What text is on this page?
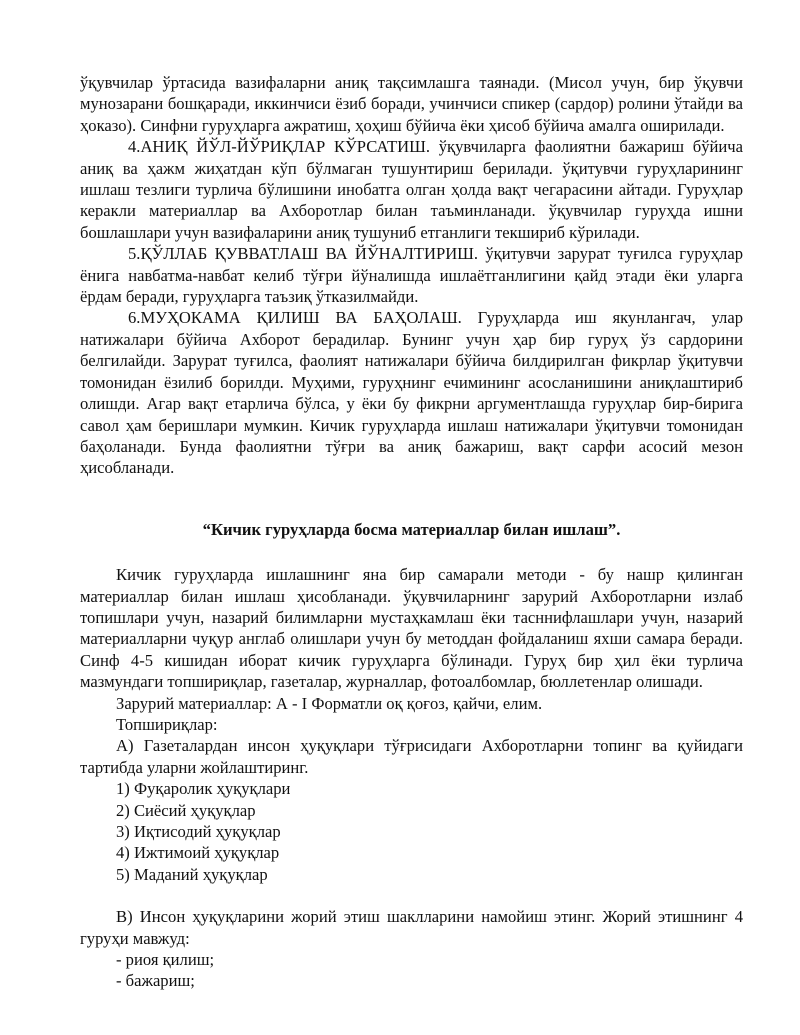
ўқувчилар ўртасида вазифаларни аниқ тақсимлашга таянади. (Мисол учун, бир ўқувчи мунозарани бошқаради, иккинчиси ёзиб боради, учинчиси спикер (сардор) ролини ўтайди ва ҳоказо). Синфни гуруҳларга ажратиш, ҳоҳиш бўйича ёки ҳисоб бўйича амалга оширилади.

4.АНИҚ ЙЎЛ-ЙЎРИҚЛАР КЎРСАТИШ. ўқувчиларга фаолиятни бажариш бўйича аниқ ва ҳажм жиҳатдан кўп бўлмаган тушунтириш берилади. ўқитувчи гуруҳларининг ишлаш тезлиги турлича бўлишини инобатга олган ҳолда вақт чегарасини айтади. Гуруҳлар керакли материаллар ва Ахборотлар билан таъминланади. ўқувчилар гуруҳда ишни бошлашлари учун вазифаларини аниқ тушуниб етганлиги текшириб кўрилади.

5.ҚЎЛЛАБ ҚУВВАТЛАШ ВА ЙЎНАЛТИРИШ. ўқитувчи зарурат туғилса гуруҳлар ёнига навбатма-навбат келиб тўғри йўналишда ишлаётганлигини қайд этади ёки уларга ёрдам беради, гуруҳларга таъзиқ ўтказилмайди.

6.МУҲОКАМА ҚИЛИШ ВА БАҲОЛАШ. Гуруҳларда иш якунлангач, улар натижалари бўйича Ахборот берадилар. Бунинг учун ҳар бир гуруҳ ўз сардорини белгилайди. Зарурат туғилса, фаолият натижалари бўйича билдирилган фикрлар ўқитувчи томонидан ёзилиб борилди. Муҳими, гуруҳнинг ечимининг асосланишини аниқлаштириб олишди. Агар вақт етарлича бўлса, у ёки бу фикрни аргументлашда гуруҳлар бир-бирига савол ҳам беришлари мумкин. Кичик гуруҳларда ишлаш натижалари ўқитувчи томонидан баҳоланади. Бунда фаолиятни тўғри ва аниқ бажариш, вақт сарфи асосий мезон ҳисобланади.

“Кичик гуруҳларда босма материаллар билан ишлаш”.

Кичик гуруҳларда ишлашнинг яна бир самарали методи - бу нашр қилинган материаллар билан ишлаш ҳисобланади. ўқувчиларнинг зарурий Ахборотларни излаб топишлари учун, назарий билимларни мустаҳкамлаш ёки тасннифлашлари учун, назарий материалларни чуқур англаб олишлари учун бу методдан фойдаланиш яхши самара беради. Синф 4-5 кишидан иборат кичик гуруҳларга бўлинади. Гуруҳ бир ҳил ёки турлича мазмундаги топшириқлар, газеталар, журналлар, фотоалбомлар, бюллетенлар олишади.

Зарурий материаллар: А - I Форматли оқ қоғоз, қайчи, елим.

Топшириқлар:

А) Газеталардан инсон ҳуқуқлари тўғрисидаги Ахборотларни топинг ва қуйидаги тартибда уларни жойлаштиринг.

1) Фуқаролик ҳуқуқлари

2) Сиёсий ҳуқуқлар

3) Иқтисодий ҳуқуқлар

4) Ижтимоий ҳуқуқлар

5) Маданий ҳуқуқлар

B) Инсон ҳуқуқларини жорий этиш шаклларини намойиш этинг. Жорий этишнинг 4 гуруҳи мавжуд:

- риоя қилиш;

- бажариш;
